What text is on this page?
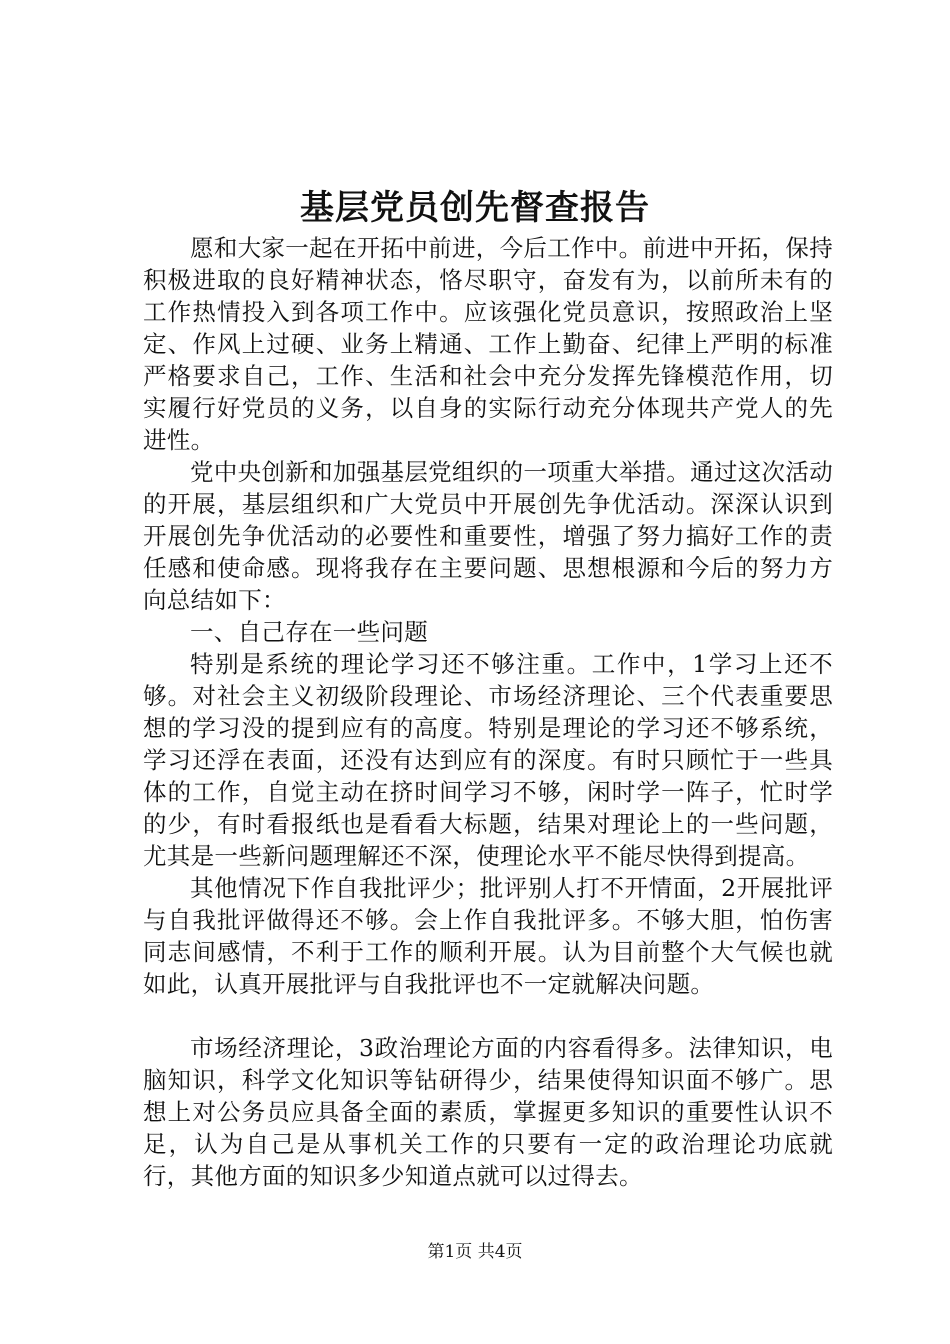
基层党员创先督查报告

愿和大家一起在开拓中前进，今后工作中。前进中开拓，保持积极进取的良好精神状态，恪尽职守，奋发有为，以前所未有的工作热情投入到各项工作中。应该强化党员意识，按照政治上坚定、作风上过硬、业务上精通、工作上勤奋、纪律上严明的标准严格要求自己，工作、生活和社会中充分发挥先锋模范作用，切实履行好党员的义务，以自身的实际行动充分体现共产党人的先进性。

党中央创新和加强基层党组织的一项重大举措。通过这次活动的开展，基层组织和广大党员中开展创先争优活动。深深认识到开展创先争优活动的必要性和重要性，增强了努力搞好工作的责任感和使命感。现将我存在主要问题、思想根源和今后的努力方向总结如下：

一、自己存在一些问题

特别是系统的理论学习还不够注重。工作中，1学习上还不够。对社会主义初级阶段理论、市场经济理论、三个代表重要思想的学习没的提到应有的高度。特别是理论的学习还不够系统，学习还浮在表面，还没有达到应有的深度。有时只顾忙于一些具体的工作，自觉主动在挤时间学习不够，闲时学一阵子，忙时学的少，有时看报纸也是看看大标题，结果对理论上的一些问题，尤其是一些新问题理解还不深，使理论水平不能尽快得到提高。

其他情况下作自我批评少；批评别人打不开情面，2开展批评与自我批评做得还不够。会上作自我批评多。不够大胆，怕伤害同志间感情，不利于工作的顺利开展。认为目前整个大气候也就如此，认真开展批评与自我批评也不一定就解决问题。

市场经济理论，3政治理论方面的内容看得多。法律知识，电脑知识，科学文化知识等钻研得少，结果使得知识面不够广。思想上对公务员应具备全面的素质，掌握更多知识的重要性认识不足，认为自己是从事机关工作的只要有一定的政治理论功底就行，其他方面的知识多少知道点就可以过得去。

第1页 共4页
